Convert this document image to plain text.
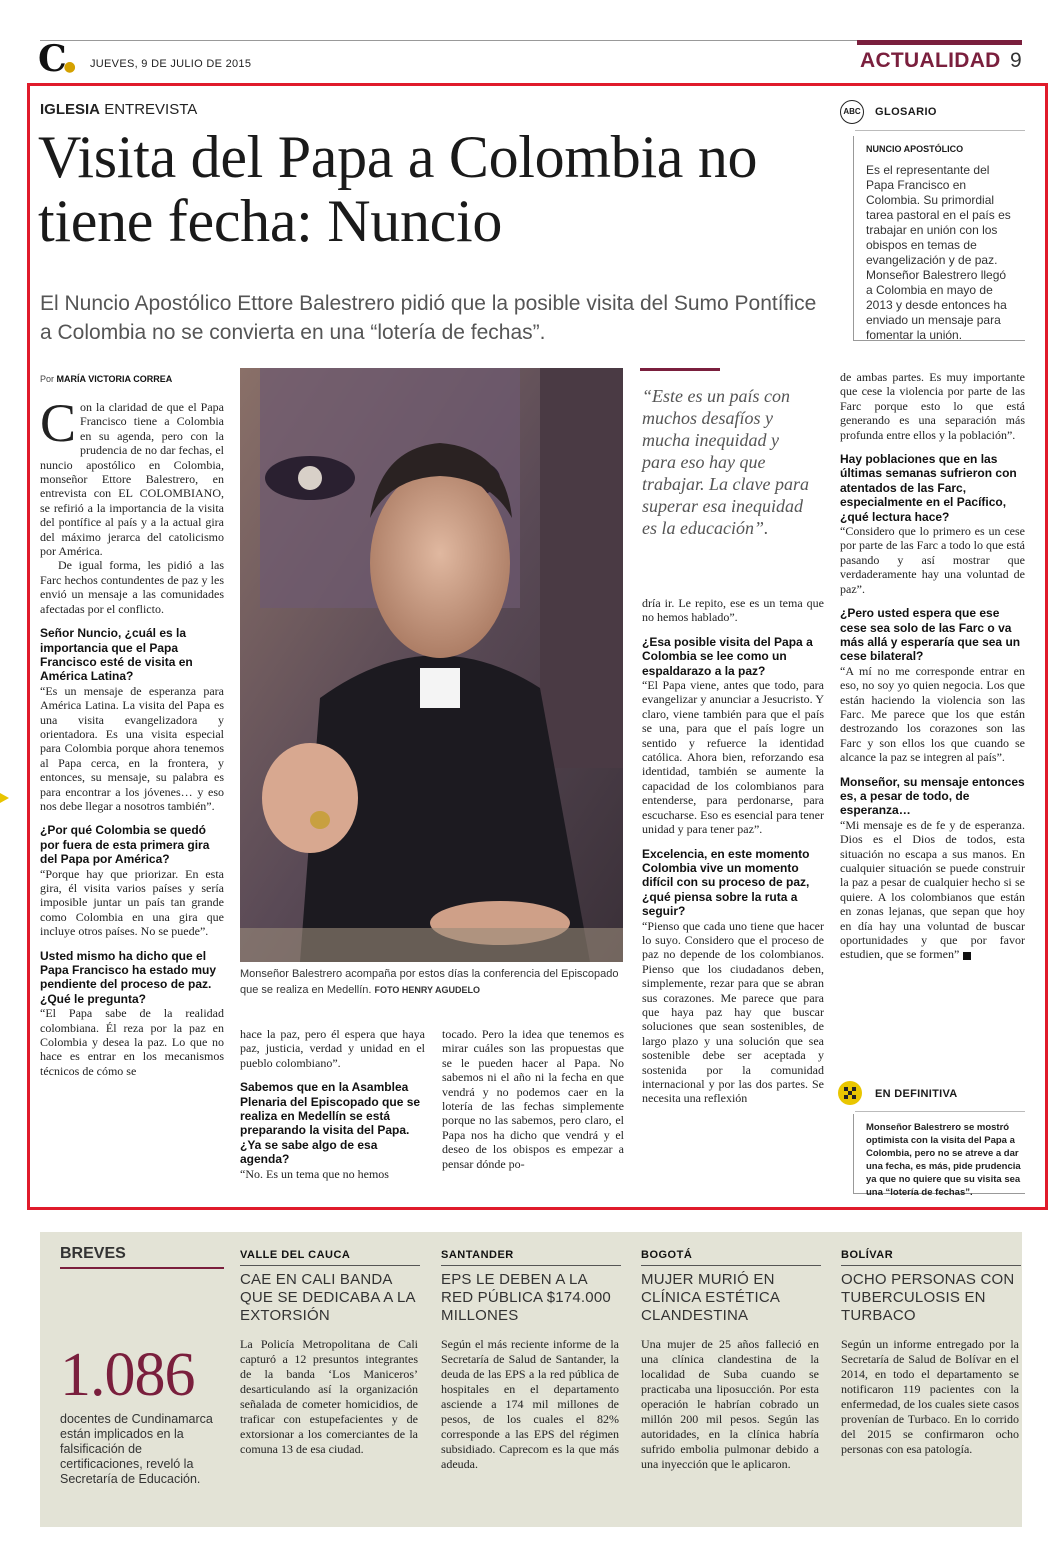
C● JUEVES, 9 DE JULIO DE 2015	ACTUALIDAD 9
IGLESIA ENTREVISTA
Visita del Papa a Colombia no tiene fecha: Nuncio
El Nuncio Apostólico Ettore Balestrero pidió que la posible visita del Sumo Pontífice a Colombia no se convierta en una “lotería de fechas”.
ABC	GLOSARIO
NUNCIO APOSTÓLICO
Es el representante del Papa Francisco en Colombia. Su primordial tarea pastoral en el país es trabajar en unión con los obispos en temas de evangelización y de paz. Monseñor Balestrero llegó a Colombia en mayo de 2013 y desde entonces ha enviado un mensaje para fomentar la unión.
Por MARÍA VICTORIA CORREA
Monseñor Balestrero acompaña por estos días la conferencia del Episcopado que se realiza en Medellín. FOTO HENRY AGUDELO
“Este es un país con muchos desafíos y mucha inequidad y para eso hay que trabajar. La clave para superar esa inequidad es la educación”.

Con la claridad de que el Papa Francisco tiene a Colombia en su agenda, pero con la prudencia de no dar fechas, el nuncio apostólico en Colombia, monseñor Ettore Balestrero, en entrevista con EL COLOMBIANO, se refirió a la importancia de la visita del pontífice al país y a la actual gira del máximo jerarca del catolicismo por América.

De igual forma, les pidió a las Farc hechos contundentes de paz y les envió un mensaje a las comunidades afectadas por el conflicto.

Señor Nuncio, ¿cuál es la importancia que el Papa Francisco esté de visita en América Latina?

“Es un mensaje de esperanza para América Latina. La visita del Papa es una visita evangelizadora y orientadora. Es una visita especial para Colombia porque ahora tenemos al Papa cerca, en la frontera, y entonces, su mensaje, su palabra es para encontrar a los jóvenes… y eso nos debe llegar a nosotros también”.

¿Por qué Colombia se quedó por fuera de esta primera gira del Papa por América?

“Porque hay que priorizar. En esta gira, él visita varios países y sería imposible juntar un país tan grande como Colombia en una gira que incluye otros países. No se puede”.

Usted mismo ha dicho que el Papa Francisco ha estado muy pendiente del proceso de paz. ¿Qué le pregunta?

“El Papa sabe de la realidad colombiana. Él reza por la paz en Colombia y desea la paz. Lo que no hace es entrar en los mecanismos técnicos de cómo se

hace la paz, pero él espera que haya paz, justicia, verdad y unidad en el pueblo colombiano”.

Sabemos que en la Asamblea Plenaria del Episcopado que se realiza en Medellín se está preparando la visita del Papa. ¿Ya se sabe algo de esa agenda?

“No. Es un tema que no hemos

tocado. Pero la idea que tenemos es mirar cuáles son las propuestas que se le pueden hacer al Papa. No sabemos ni el año ni la fecha en que vendrá y no podemos caer en la lotería de las fechas simplemente porque no las sabemos, pero claro, el Papa nos ha dicho que vendrá y el deseo de los obispos es empezar a pensar dónde po-

dría ir. Le repito, ese es un tema que no hemos hablado”.

¿Esa posible visita del Papa a Colombia se lee como un espaldarazo a la paz?

“El Papa viene, antes que todo, para evangelizar y anunciar a Jesucristo. Y claro, viene también para que el país se una, para que el país logre un sentido y refuerce la identidad católica. Ahora bien, reforzando esa identidad, también se aumente la capacidad de los colombianos para entenderse, para perdonarse, para escucharse. Eso es esencial para tener unidad y para tener paz”.

Excelencia, en este momento Colombia vive un momento difícil con su proceso de paz, ¿qué piensa sobre la ruta a seguir?

“Pienso que cada uno tiene que hacer lo suyo. Considero que el proceso de paz no depende de los colombianos. Pienso que los ciudadanos deben, simplemente, rezar para que se abran sus corazones. Me parece que para que haya paz hay que buscar soluciones que sean sostenibles, de largo plazo y una solución que sea sostenible debe ser aceptada y sostenida por la comunidad internacional y por las dos partes. Se necesita una reflexión

de ambas partes. Es muy importante que cese la violencia por parte de las Farc porque esto lo que está generando es una separación más profunda entre ellos y la población”.

Hay poblaciones que en las últimas semanas sufrieron con atentados de las Farc, especialmente en el Pacífico, ¿qué lectura hace?

“Considero que lo primero es un cese por parte de las Farc a todo lo que está pasando y así mostrar que verdaderamente hay una voluntad de paz”.

¿Pero usted espera que ese cese sea solo de las Farc o va más allá y esperaría que sea un cese bilateral?

“A mí no me corresponde entrar en eso, no soy yo quien negocia. Los que están haciendo la violencia son las Farc. Me parece que los que están destrozando los corazones son las Farc y son ellos los que cuando se alcance la paz se integren al país”.

Monseñor, su mensaje entonces es, a pesar de todo, de esperanza…

“Mi mensaje es de fe y de esperanza. Dios es el Dios de todos, esta situación no escapa a sus manos. En cualquier situación se puede construir la paz a pesar de cualquier hecho si se quiere. A los colombianos que están en zonas lejanas, que sepan que hoy en día hay una voluntad de buscar oportunidades y que por favor estudien, que se formen”

EN DEFINITIVA
Monseñor Balestrero se mostró optimista con la visita del Papa a Colombia, pero no se atreve a dar una fecha, es más, pide prudencia ya que no quiere que su visita sea una “lotería de fechas”.
BREVES
1.086
docentes de Cundinamarca están implicados en la falsificación de certificaciones, reveló la Secretaría de Educación.
VALLE DEL CAUCA
CAE EN CALI BANDA QUE SE DEDICABA A LA EXTORSIÓN
La Policía Metropolitana de Cali capturó a 12 presuntos integrantes de la banda ‘Los Maniceros’ desarticulando así la organización señalada de cometer homicidios, de traficar con estupefacientes y de extorsionar a los comerciantes de la comuna 13 de esa ciudad.
SANTANDER
EPS LE DEBEN A LA RED PÚBLICA $174.000 MILLONES
Según el más reciente informe de la Secretaría de Salud de Santander, la deuda de las EPS a la red pública de hospitales en el departamento asciende a 174 mil millones de pesos, de los cuales el 82% corresponde a las EPS del régimen subsidiado. Caprecom es la que más adeuda.
BOGOTÁ
MUJER MURIÓ EN CLÍNICA ESTÉTICA CLANDESTINA
Una mujer de 25 años falleció en una clínica clandestina de la localidad de Suba cuando se practicaba una liposucción. Por esta operación le habrían cobrado un millón 200 mil pesos. Según las autoridades, en la clínica habría sufrido embolia pulmonar debido a una inyección que le aplicaron.
BOLÍVAR
OCHO PERSONAS CON TUBERCULOSIS EN TURBACO
Según un informe entregado por la Secretaría de Salud de Bolívar en el 2014, en todo el departamento se notificaron 119 pacientes con la enfermedad, de los cuales siete casos provenían de Turbaco. En lo corrido del 2015 se confirmaron ocho personas con esa patología.
